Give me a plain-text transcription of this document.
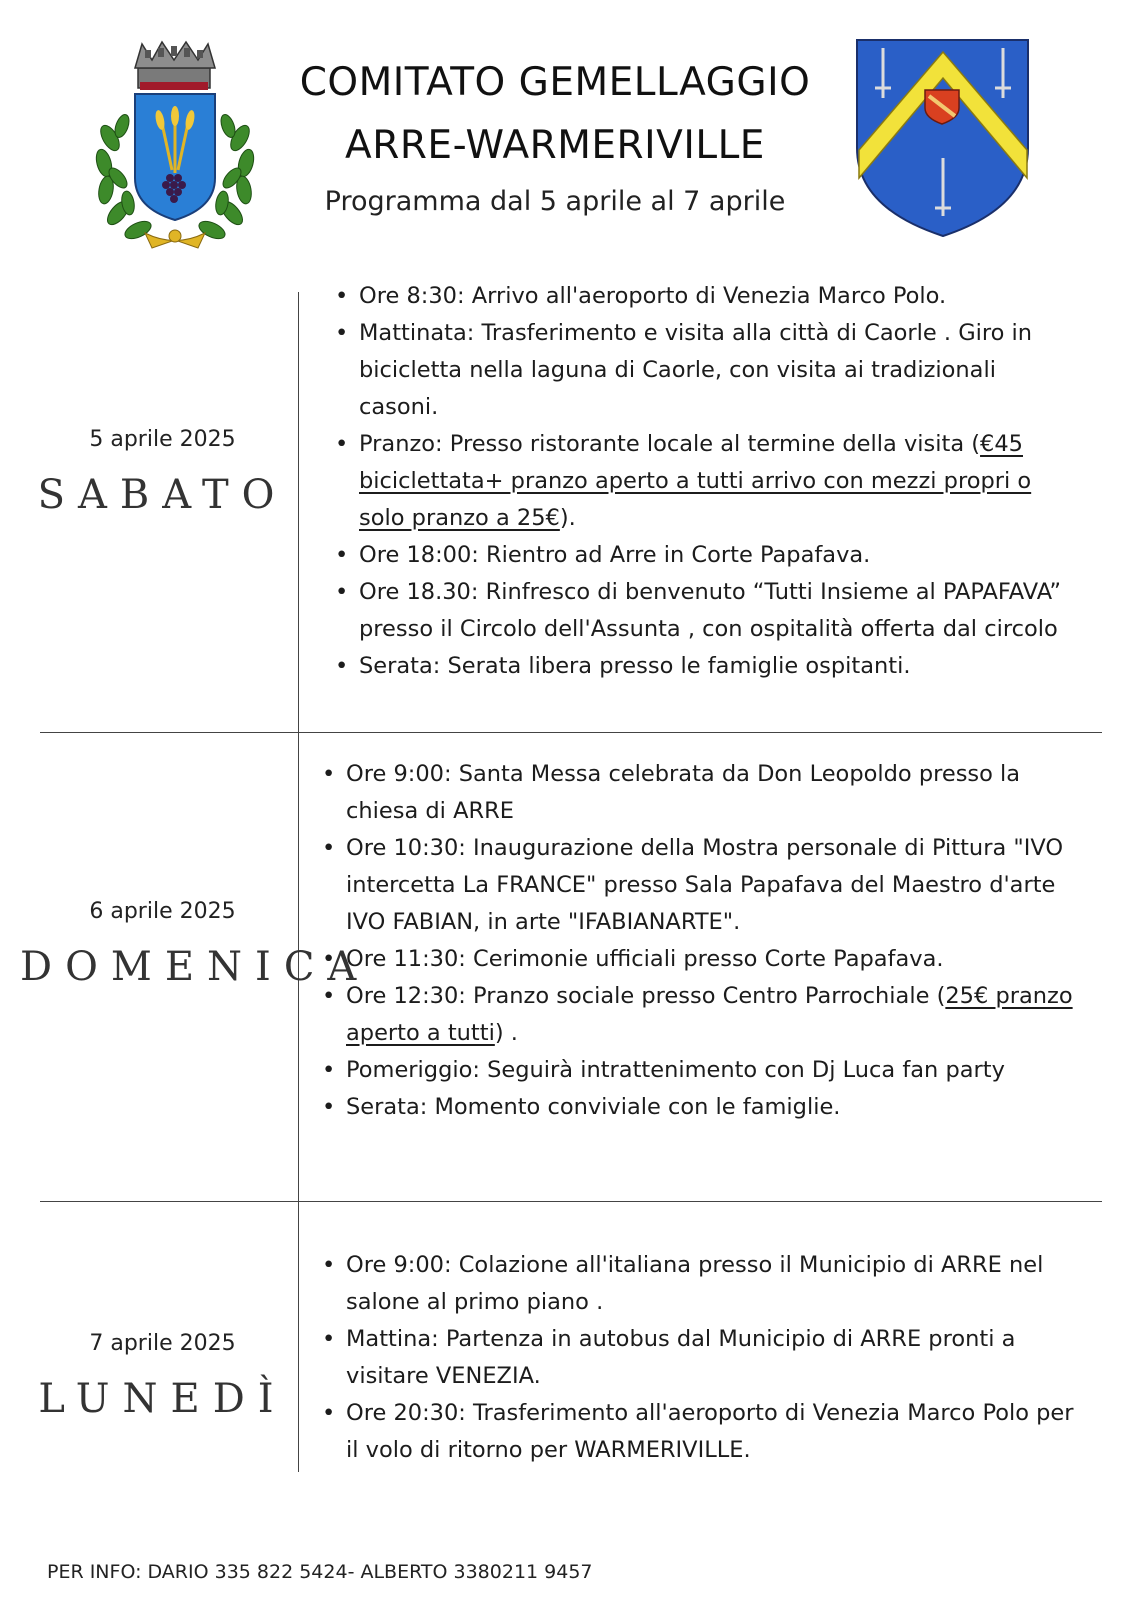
COMITATO GEMELLAGGIO
ARRE-WARMERIVILLE
Programma dal 5 aprile al 7 aprile
5 aprile 2025
SABATO
• Ore 8:30: Arrivo all'aeroporto di Venezia Marco Polo.
• Mattinata: Trasferimento e visita alla città di Caorle . Giro in bicicletta nella laguna di Caorle, con visita ai tradizionali casoni.
• Pranzo: Presso ristorante locale al termine della visita (€45 biciclettata+ pranzo aperto a tutti arrivo con mezzi propri o solo pranzo a 25€).
• Ore 18:00: Rientro ad Arre in Corte Papafava.
• Ore 18.30: Rinfresco di benvenuto “Tutti Insieme al PAPAFAVA” presso il Circolo dell'Assunta , con ospitalità offerta dal circolo
• Serata: Serata libera presso le famiglie ospitanti.
6 aprile 2025
DOMENICA
• Ore 9:00: Santa Messa celebrata da Don Leopoldo presso la chiesa di ARRE
• Ore 10:30: Inaugurazione della Mostra personale di Pittura "IVO intercetta La FRANCE" presso Sala Papafava del Maestro d'arte IVO FABIAN, in arte "IFABIANARTE".
• Ore 11:30: Cerimonie ufficiali presso Corte Papafava.
• Ore 12:30: Pranzo sociale presso Centro Parrochiale (25€ pranzo aperto a tutti) .
• Pomeriggio: Seguirà intrattenimento con Dj Luca fan party
• Serata: Momento conviviale con le famiglie.
7 aprile 2025
LUNEDÌ
• Ore 9:00: Colazione all'italiana presso il Municipio di ARRE nel salone al primo piano .
• Mattina: Partenza in autobus dal Municipio di ARRE pronti a visitare VENEZIA.
• Ore 20:30: Trasferimento all'aeroporto di Venezia Marco Polo per il volo di ritorno per WARMERIVILLE.
PER INFO: DARIO 335 822 5424- ALBERTO 3380211 9457
